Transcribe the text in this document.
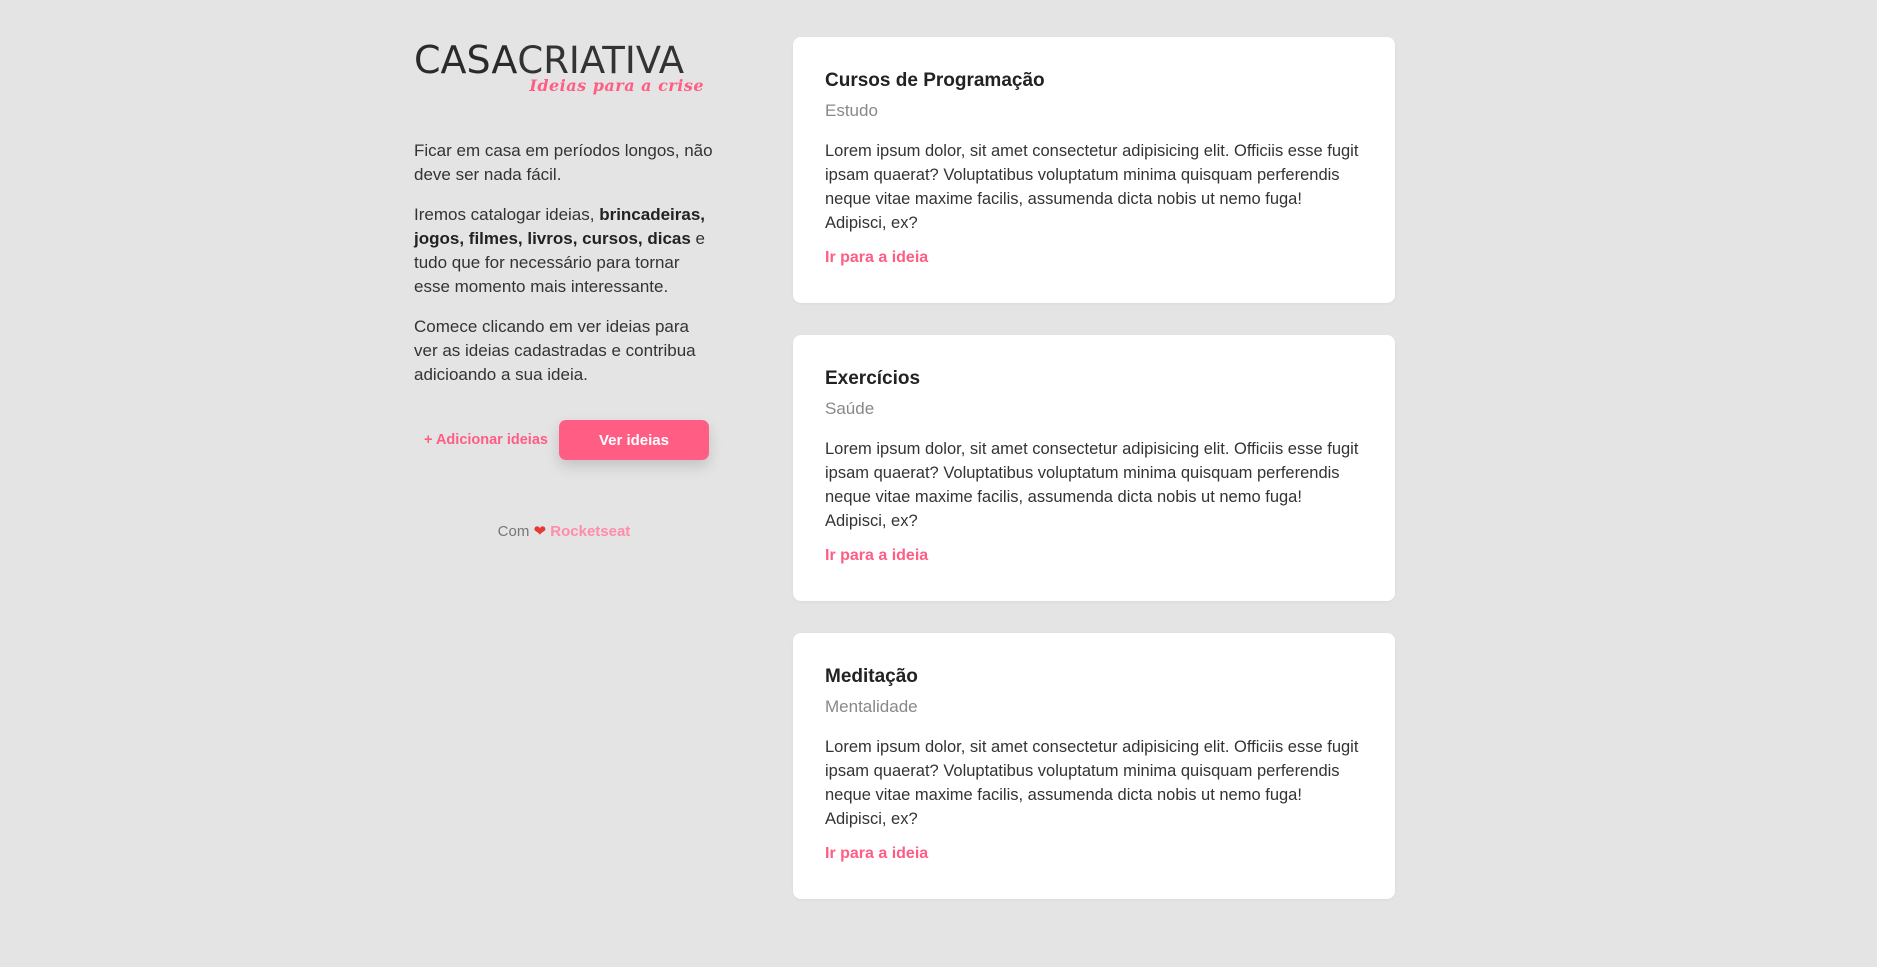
CASACRIATIVA
Ideias para a crise

Ficar em casa em períodos longos, não deve ser nada fácil.

Iremos catalogar ideias, brincadeiras, jogos, filmes, livros, cursos, dicas e tudo que for necessário para tornar esse momento mais interessante.

Comece clicando em ver ideias para ver as ideias cadastradas e contribua adicioando a sua ideia.

+ Adicionar ideias	Ver ideias
Com ❤ Rocketseat
Cursos de Programação

Estudo

Lorem ipsum dolor, sit amet consectetur adipisicing elit. Officiis esse fugit ipsam quaerat? Voluptatibus voluptatum minima quisquam perferendis neque vitae maxime facilis, assumenda dicta nobis ut nemo fuga! Adipisci, ex?

Ir para a ideia
Exercícios

Saúde

Lorem ipsum dolor, sit amet consectetur adipisicing elit. Officiis esse fugit ipsam quaerat? Voluptatibus voluptatum minima quisquam perferendis neque vitae maxime facilis, assumenda dicta nobis ut nemo fuga! Adipisci, ex?

Ir para a ideia
Meditação

Mentalidade

Lorem ipsum dolor, sit amet consectetur adipisicing elit. Officiis esse fugit ipsam quaerat? Voluptatibus voluptatum minima quisquam perferendis neque vitae maxime facilis, assumenda dicta nobis ut nemo fuga! Adipisci, ex?

Ir para a ideia
